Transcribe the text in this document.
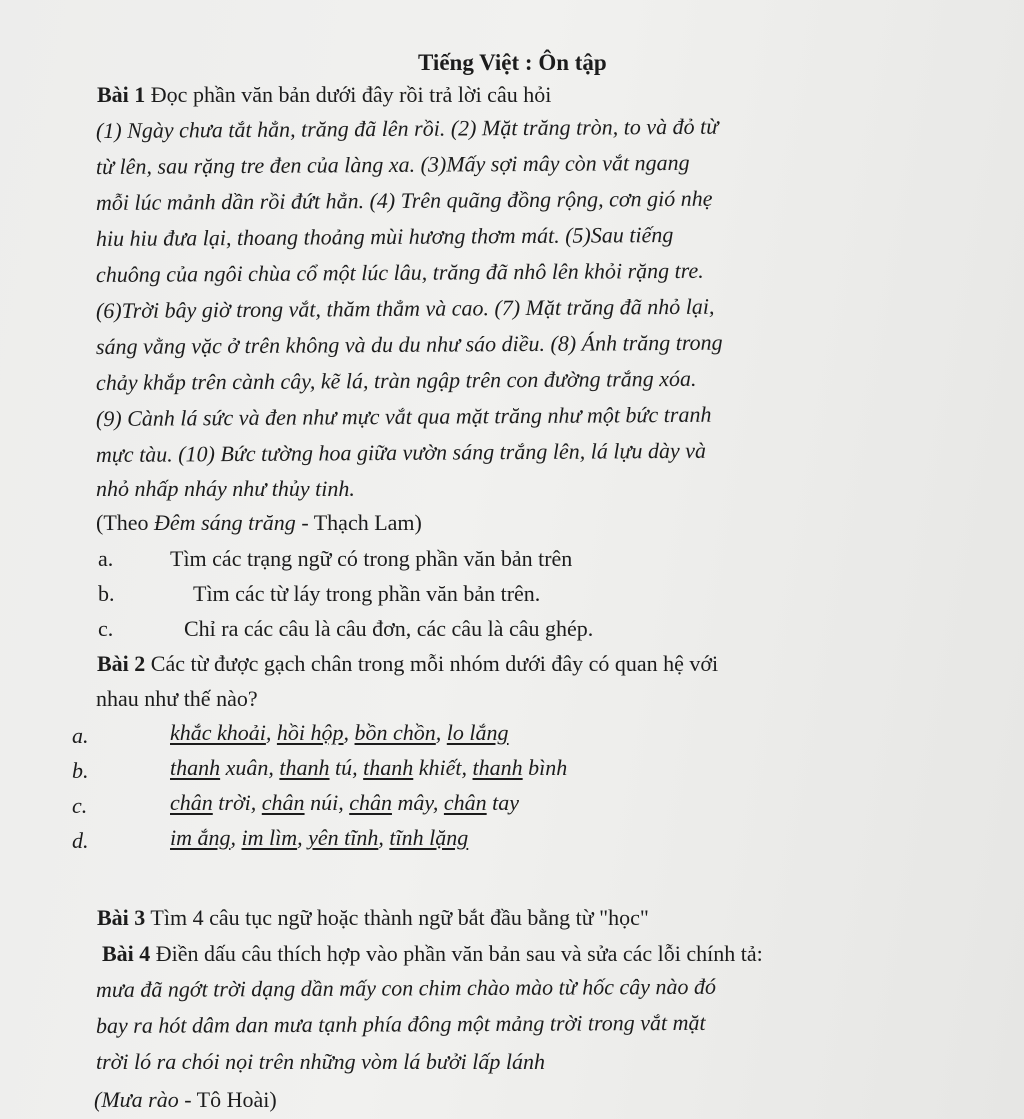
Tiếng Việt : Ôn tập
Bài 1 Đọc phần văn bản dưới đây rồi trả lời câu hỏi
(1) Ngày chưa tắt hẳn, trăng đã lên rồi. (2) Mặt trăng tròn, to và đỏ từ
từ lên, sau rặng tre đen của làng xa. (3)Mấy sợi mây còn vắt ngang
mỗi lúc mảnh dần rồi đứt hẳn. (4) Trên quãng đồng rộng, cơn gió nhẹ
hiu hiu đưa lại, thoang thoảng mùi hương thơm mát. (5)Sau tiếng
chuông của ngôi chùa cổ một lúc lâu, trăng đã nhô lên khỏi rặng tre.
(6)Trời bây giờ trong vắt, thăm thẳm và cao. (7) Mặt trăng đã nhỏ lại,
sáng vằng vặc ở trên không và du du như sáo diều. (8) Ánh trăng trong
chảy khắp trên cành cây, kẽ lá, tràn ngập trên con đường trắng xóa.
(9) Cành lá sức và đen như mực vắt qua mặt trăng như một bức tranh
mực tàu. (10) Bức tường hoa giữa vườn sáng trắng lên, lá lựu dày và
nhỏ nhấp nháy như thủy tinh.
(Theo Đêm sáng trăng - Thạch Lam)
a.	Tìm các trạng ngữ có trong phần văn bản trên
b.	Tìm các từ láy trong phần văn bản trên.
c.	Chỉ ra các câu là câu đơn, các câu là câu ghép.
Bài 2 Các từ được gạch chân trong mỗi nhóm dưới đây có quan hệ với
nhau như thế nào?
a.	khắc khoải, hồi hộp, bồn chồn, lo lắng
b.	thanh xuân, thanh tú, thanh khiết, thanh bình
c.	chân trời, chân núi, chân mây, chân tay
d.	im ắng, im lìm, yên tĩnh, tĩnh lặng
Bài 3 Tìm 4 câu tục ngữ hoặc thành ngữ bắt đầu bằng từ "học"
Bài 4 Điền dấu câu thích hợp vào phần văn bản sau và sửa các lỗi chính tả:
mưa đã ngớt trời dạng dần mấy con chim chào mào từ hốc cây nào đó
bay ra hót dâm dan mưa tạnh phía đông một mảng trời trong vắt mặt
trời ló ra chói nọi trên những vòm lá bưởi lấp lánh
(Mưa rào - Tô Hoài)
